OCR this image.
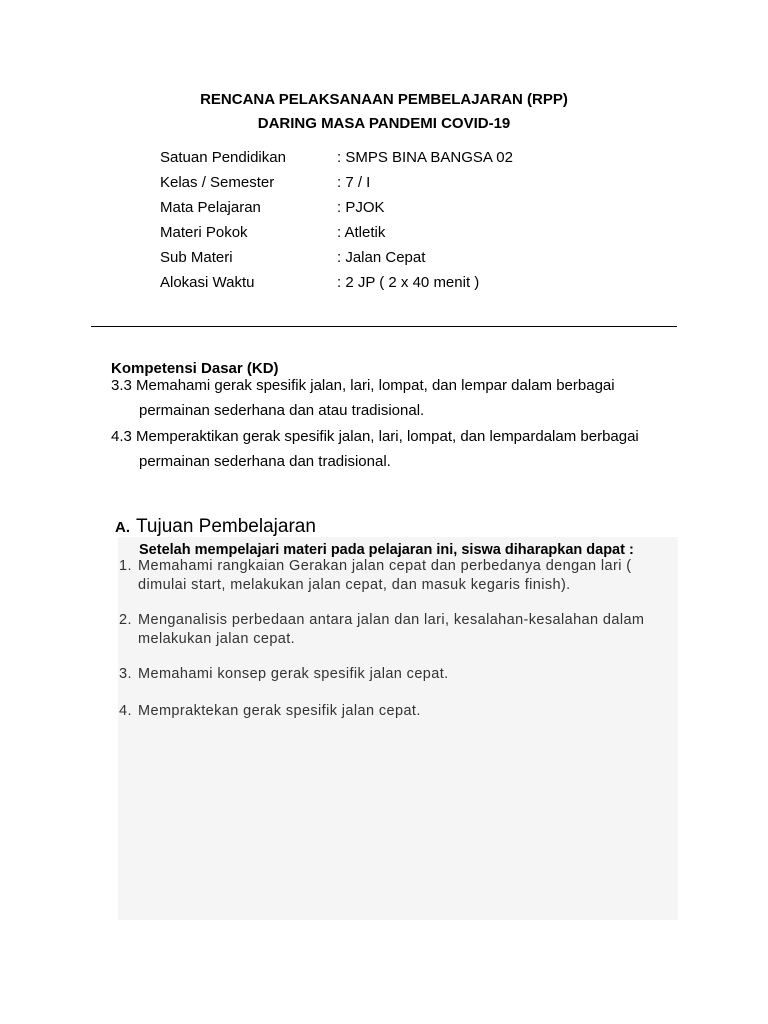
RENCANA PELAKSANAAN PEMBELAJARAN (RPP)
DARING MASA PANDEMI COVID-19
Satuan Pendidikan	: SMPS BINA BANGSA 02
Kelas / Semester	: 7 / I
Mata Pelajaran	: PJOK
Materi Pokok	: Atletik
Sub Materi	: Jalan Cepat
Alokasi Waktu	: 2 JP ( 2 x 40 menit )
Kompetensi Dasar (KD)
3.3 Memahami gerak spesifik jalan, lari, lompat, dan lempar dalam berbagai
permainan sederhana dan atau tradisional.
4.3 Memperaktikan gerak spesifik jalan, lari, lompat, dan lempardalam berbagai
permainan sederhana dan tradisional.
A. Tujuan Pembelajaran
Setelah mempelajari materi pada pelajaran ini, siswa diharapkan dapat :
1. Memahami rangkaian Gerakan jalan cepat dan perbedanya dengan lari ( dimulai start, melakukan jalan cepat, dan masuk kegaris finish).
2. Menganalisis perbedaan antara jalan dan lari, kesalahan-kesalahan dalam melakukan jalan cepat.
3. Memahami konsep gerak spesifik jalan cepat.
4. Mempraktekan gerak spesifik jalan cepat.
